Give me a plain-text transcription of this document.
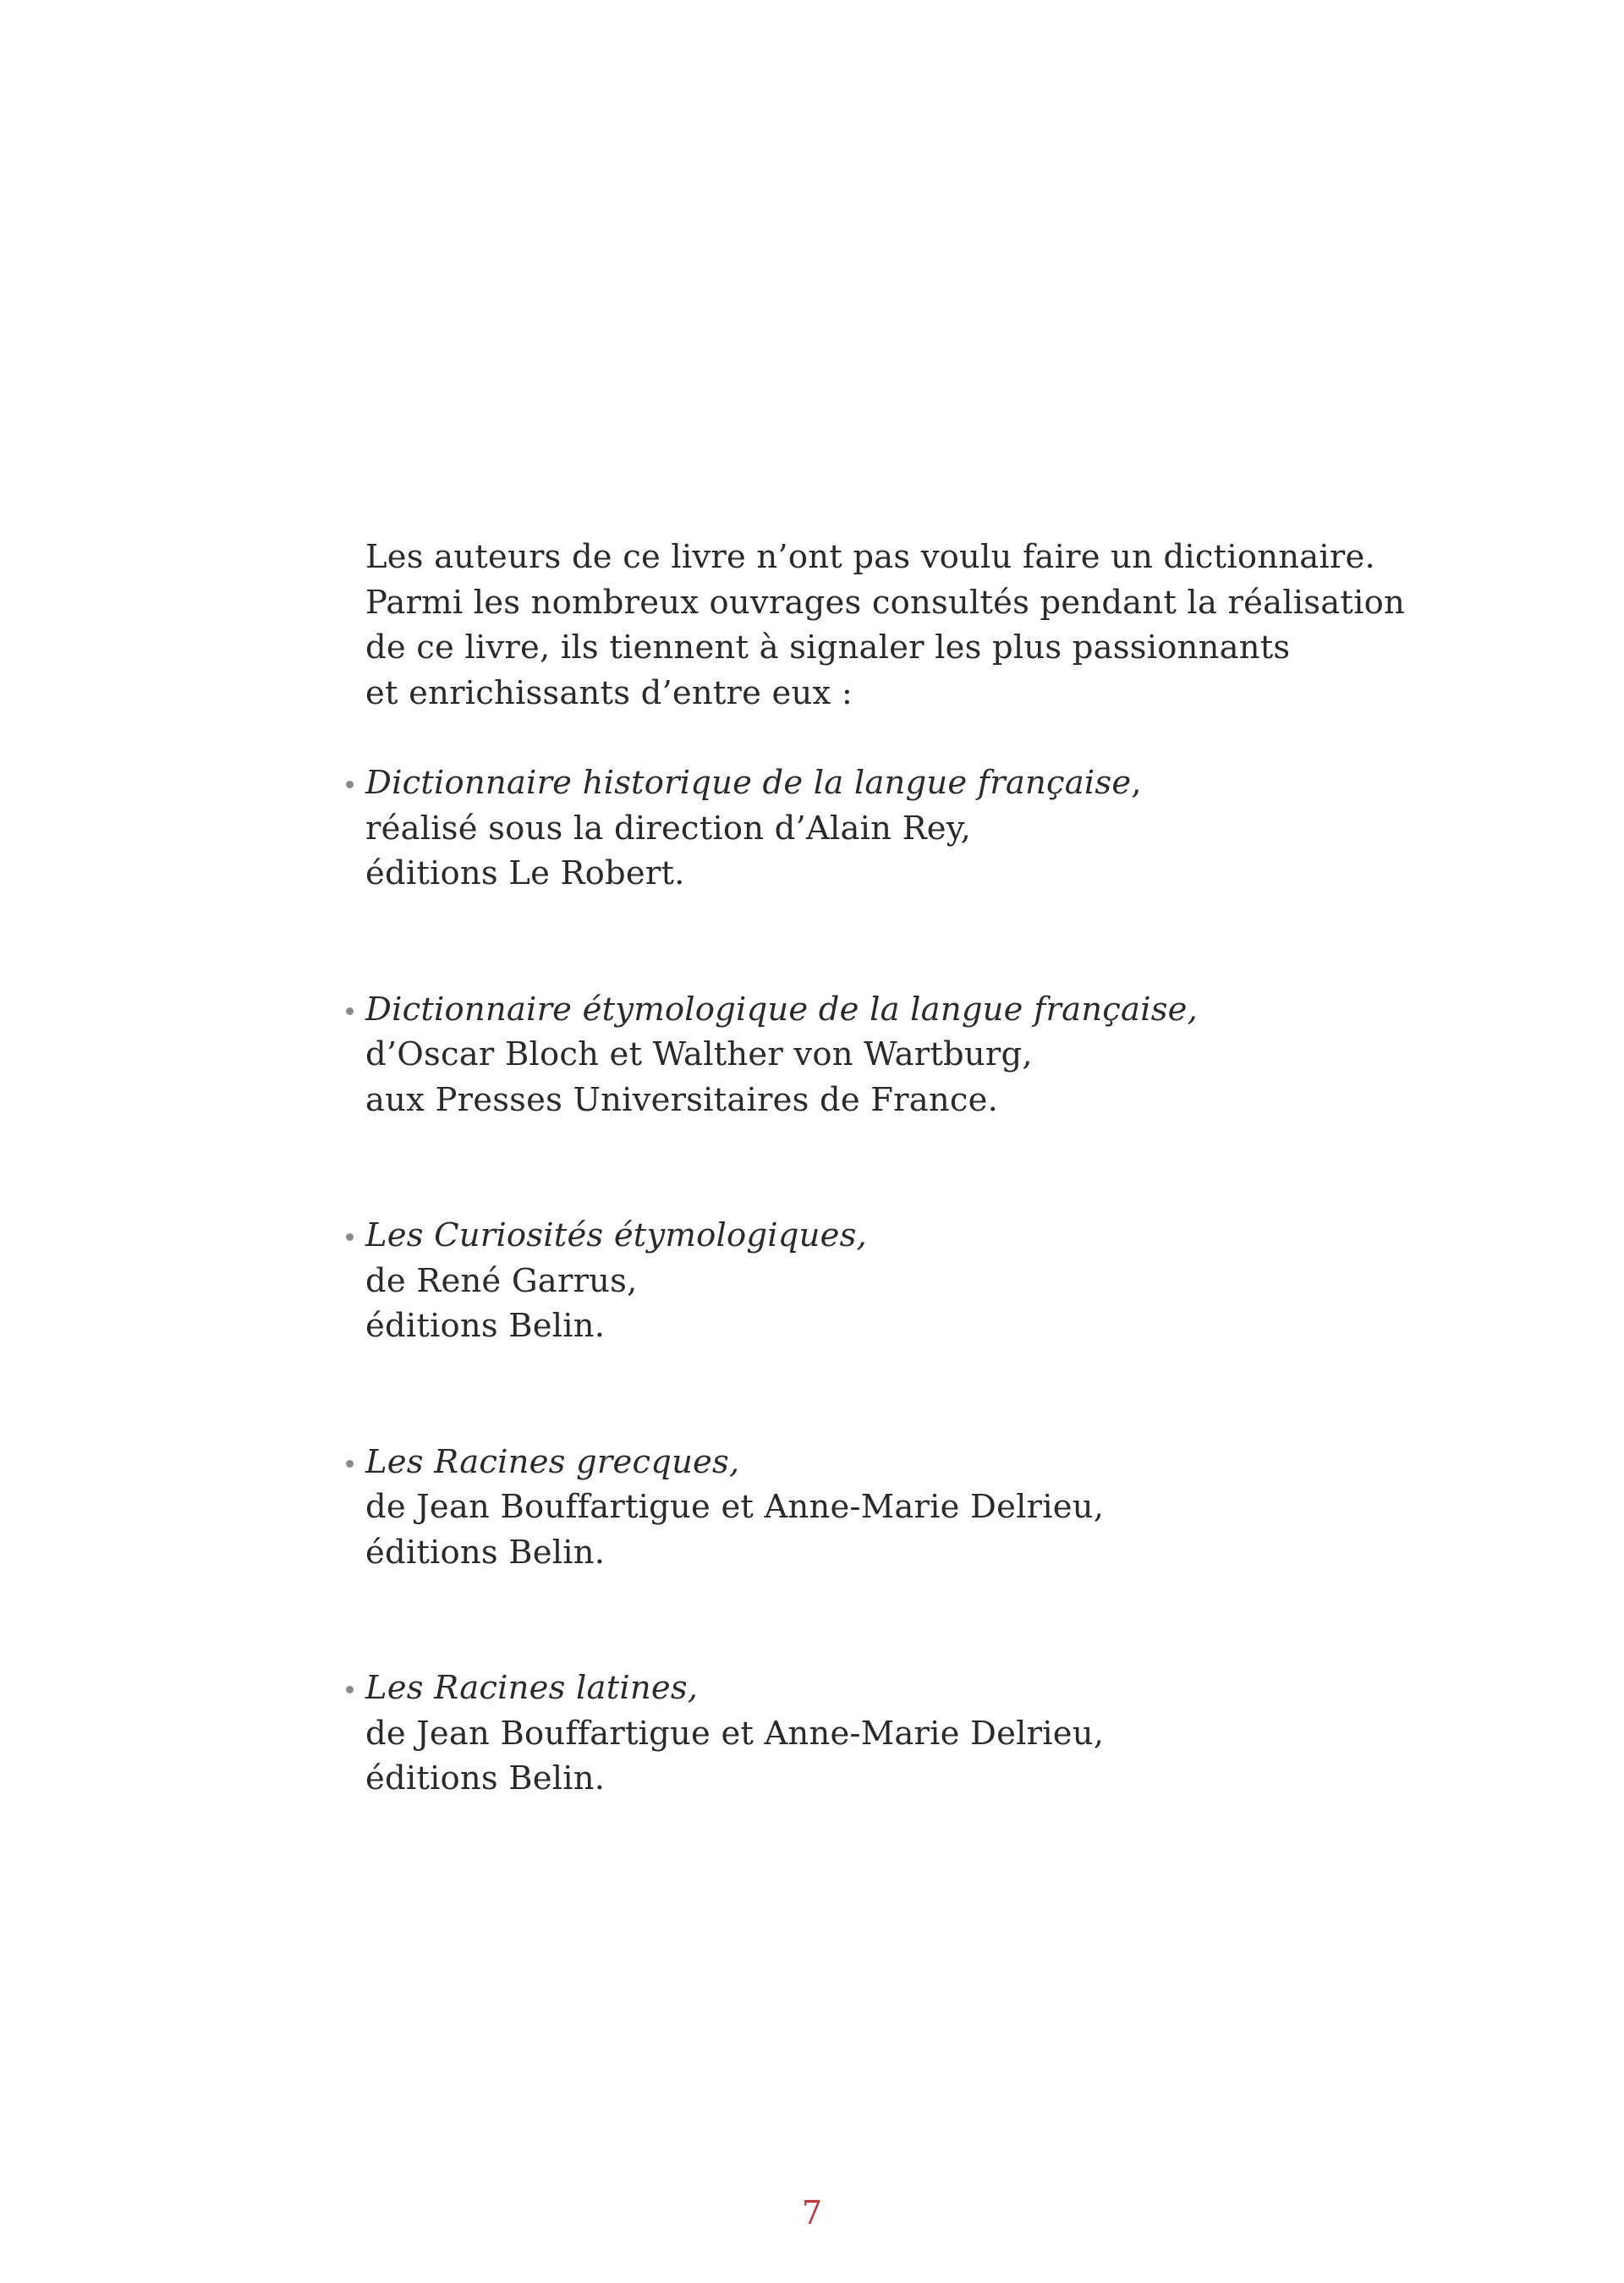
Les auteurs de ce livre n’ont pas voulu faire un dictionnaire.

Parmi les nombreux ouvrages consultés pendant la réalisation

de ce livre, ils tiennent à signaler les plus passionnants

et enrichissants d’entre eux :

Dictionnaire historique de la langue française,

réalisé sous la direction d’Alain Rey,

éditions Le Robert.

Dictionnaire étymologique de la langue française,

d’Oscar Bloch et Walther von Wartburg,

aux Presses Universitaires de France.

Les Curiosités étymologiques,

de René Garrus,

éditions Belin.

Les Racines grecques,

de Jean Bouffartigue et Anne-Marie Delrieu,

éditions Belin.

Les Racines latines,

de Jean Bouffartigue et Anne-Marie Delrieu,

éditions Belin.

7
